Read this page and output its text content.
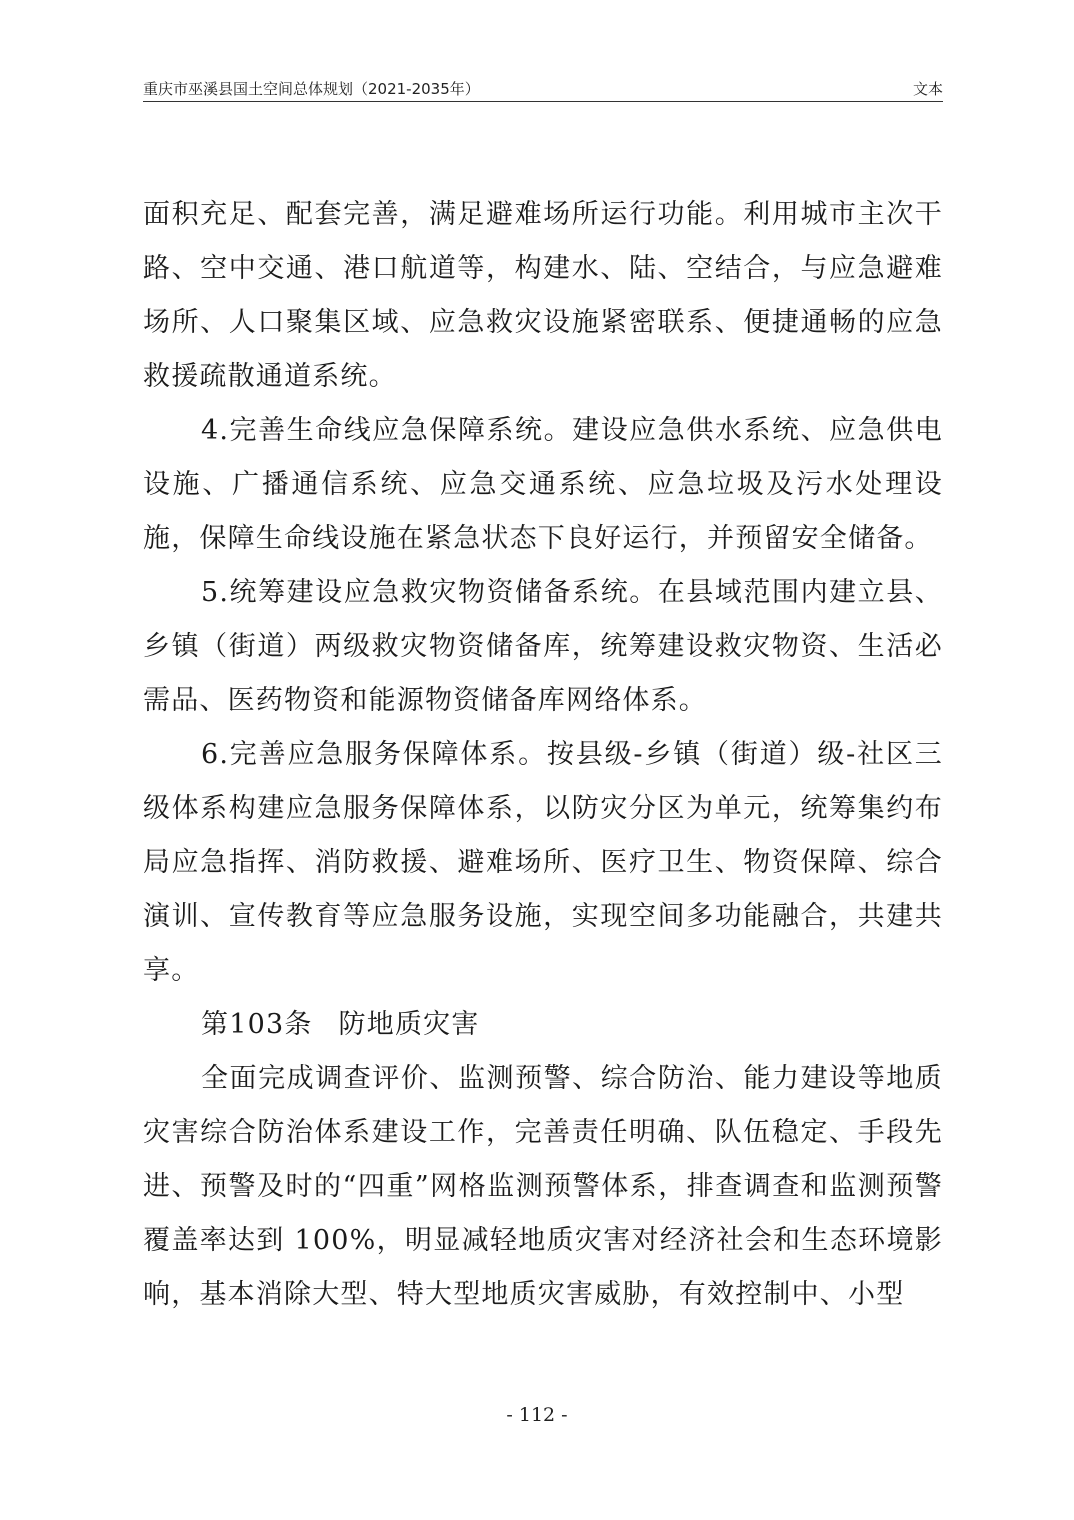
重庆市巫溪县国土空间总体规划（2021-2035年）	文本

面积充足、配套完善，满足避难场所运行功能。利用城市主次干路、空中交通、港口航道等，构建水、陆、空结合，与应急避难场所、人口聚集区域、应急救灾设施紧密联系、便捷通畅的应急救援疏散通道系统。

4.完善生命线应急保障系统。建设应急供水系统、应急供电设施、广播通信系统、应急交通系统、应急垃圾及污水处理设施，保障生命线设施在紧急状态下良好运行，并预留安全储备。

5.统筹建设应急救灾物资储备系统。在县域范围内建立县、乡镇（街道）两级救灾物资储备库，统筹建设救灾物资、生活必需品、医药物资和能源物资储备库网络体系。

6.完善应急服务保障体系。按县级-乡镇（街道）级-社区三级体系构建应急服务保障体系，以防灾分区为单元，统筹集约布局应急指挥、消防救援、避难场所、医疗卫生、物资保障、综合演训、宣传教育等应急服务设施，实现空间多功能融合，共建共享。

第103条 防地质灾害

全面完成调查评价、监测预警、综合防治、能力建设等地质灾害综合防治体系建设工作，完善责任明确、队伍稳定、手段先进、预警及时的“四重”网格监测预警体系，排查调查和监测预警覆盖率达到 100%，明显减轻地质灾害对经济社会和生态环境影响，基本消除大型、特大型地质灾害威胁，有效控制中、小型

- 112 -
